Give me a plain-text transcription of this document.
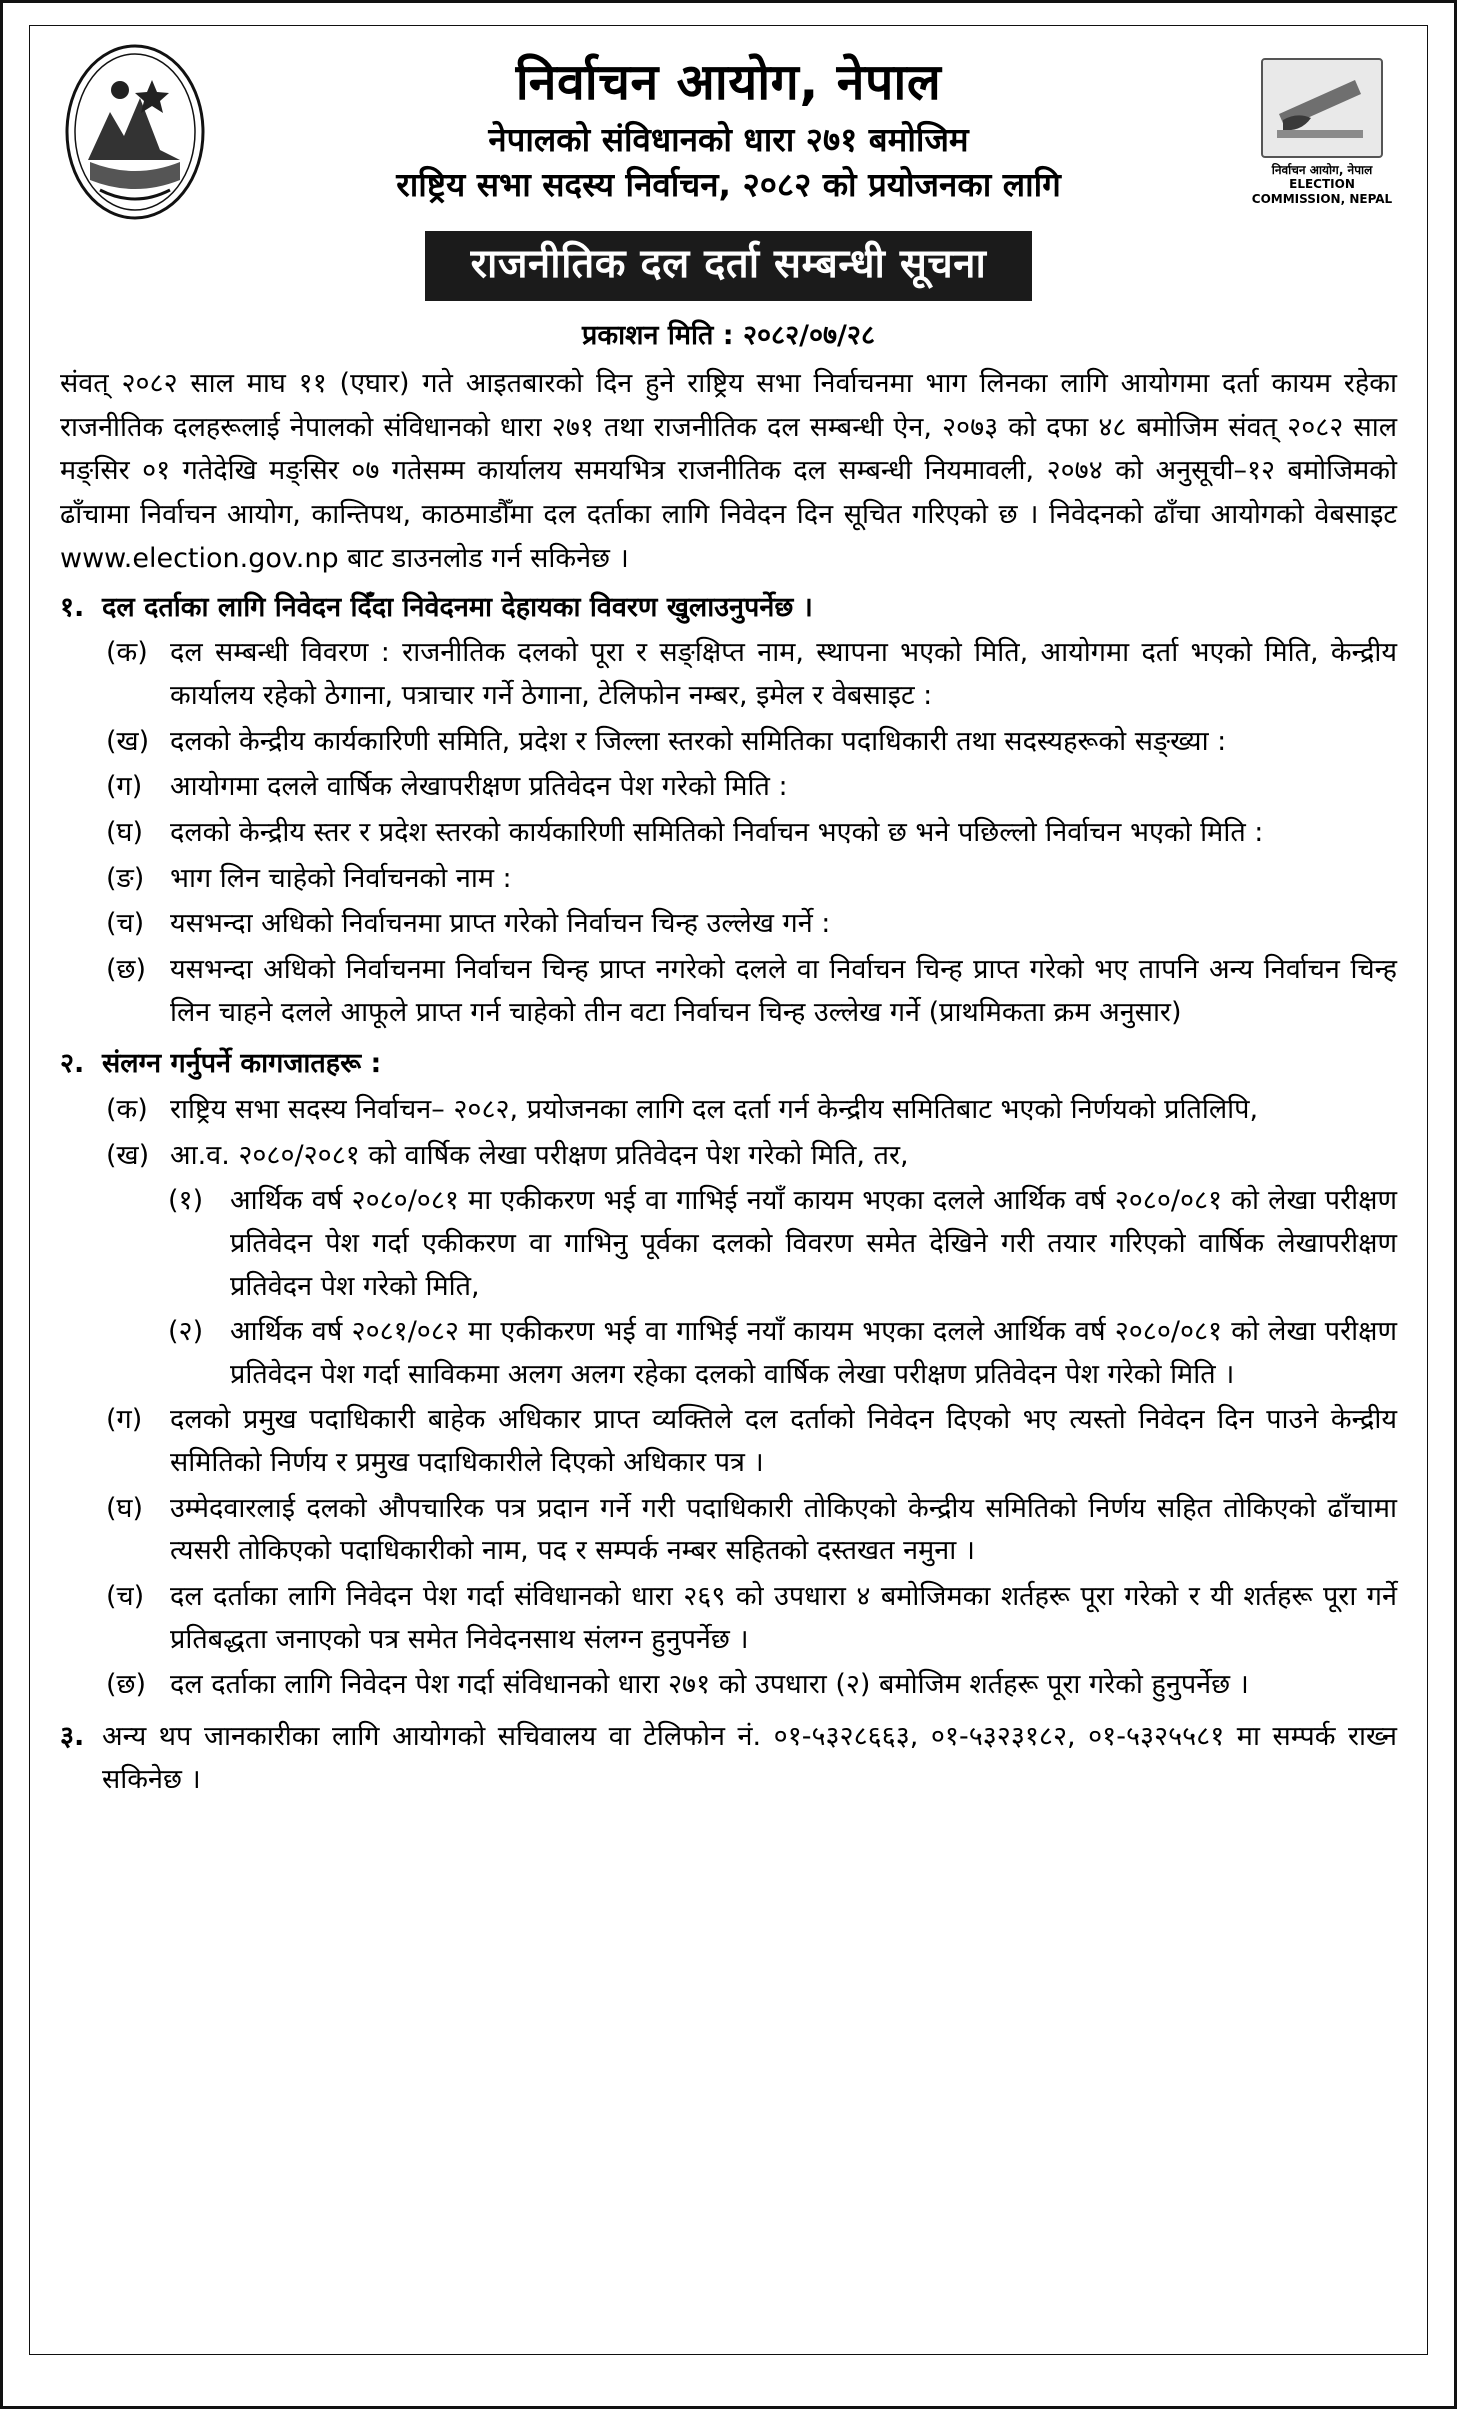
निर्वाचन आयोग, नेपाल
नेपालको संविधानको धारा २७१ बमोजिम
राष्ट्रिय सभा सदस्य निर्वाचन, २०८२ को प्रयोजनका लागि	निर्वाचन आयोग, नेपाल
ELECTION COMMISSION, NEPAL
राजनीतिक दल दर्ता सम्बन्धी सूचना
प्रकाशन मिति : २०८२/०७/२८
संवत् २०८२ साल माघ ११ (एघार) गते आइतबारको दिन हुने राष्ट्रिय सभा निर्वाचनमा भाग लिनका लागि आयोगमा दर्ता कायम रहेका राजनीतिक दलहरूलाई नेपालको संविधानको धारा २७१ तथा राजनीतिक दल सम्बन्धी ऐन, २०७३ को दफा ४८ बमोजिम संवत् २०८२ साल मङ्सिर ०१ गतेदेखि मङ्सिर ०७ गतेसम्म कार्यालय समयभित्र राजनीतिक दल सम्बन्धी नियमावली, २०७४ को अनुसूची–१२ बमोजिमको ढाँचामा निर्वाचन आयोग, कान्तिपथ, काठमाडौँमा दल दर्ताका लागि निवेदन दिन सूचित गरिएको छ । निवेदनको ढाँचा आयोगको वेबसाइट www.election.gov.np बाट डाउनलोड गर्न सकिनेछ ।
१. दल दर्ताका लागि निवेदन दिँदा निवेदनमा देहायका विवरण खुलाउनुपर्नेछ ।
(क) दल सम्बन्धी विवरण : राजनीतिक दलको पूरा र सङ्क्षिप्त नाम, स्थापना भएको मिति, आयोगमा दर्ता भएको मिति, केन्द्रीय कार्यालय रहेको ठेगाना, पत्राचार गर्ने ठेगाना, टेलिफोन नम्बर, इमेल र वेबसाइट :
(ख) दलको केन्द्रीय कार्यकारिणी समिति, प्रदेश र जिल्ला स्तरको समितिका पदाधिकारी तथा सदस्यहरूको सङ्ख्या :
(ग)	आयोगमा दलले वार्षिक लेखापरीक्षण प्रतिवेदन पेश गरेको मिति :
(घ) दलको केन्द्रीय स्तर र प्रदेश स्तरको कार्यकारिणी समितिको निर्वाचन भएको छ भने पछिल्लो निर्वाचन भएको मिति :
(ङ) भाग लिन चाहेको निर्वाचनको नाम :
(च) यसभन्दा अधिको निर्वाचनमा प्राप्त गरेको निर्वाचन चिन्ह उल्लेख गर्ने :
(छ) यसभन्दा अधिको निर्वाचनमा निर्वाचन चिन्ह प्राप्त नगरेको दलले वा निर्वाचन चिन्ह प्राप्त गरेको भए तापनि अन्य निर्वाचन चिन्ह लिन चाहने दलले आफूले प्राप्त गर्न चाहेको तीन वटा निर्वाचन चिन्ह उल्लेख गर्ने (प्राथमिकता क्रम अनुसार)
२. संलग्न गर्नुपर्ने कागजातहरू :
(क) राष्ट्रिय सभा सदस्य निर्वाचन– २०८२, प्रयोजनका लागि दल दर्ता गर्न केन्द्रीय समितिबाट भएको निर्णयको प्रतिलिपि,
(ख) आ.व. २०८०/२०८१ को वार्षिक लेखा परीक्षण प्रतिवेदन पेश गरेको मिति, तर,
(१) आर्थिक वर्ष २०८०/०८१ मा एकीकरण भई वा गाभिई नयाँ कायम भएका दलले आर्थिक वर्ष २०८०/०८१ को लेखा परीक्षण प्रतिवेदन पेश गर्दा एकीकरण वा गाभिनु पूर्वका दलको विवरण समेत देखिने गरी तयार गरिएको वार्षिक लेखापरीक्षण प्रतिवेदन पेश गरेको मिति,
(२) आर्थिक वर्ष २०८१/०८२ मा एकीकरण भई वा गाभिई नयाँ कायम भएका दलले आर्थिक वर्ष २०८०/०८१ को लेखा परीक्षण प्रतिवेदन पेश गर्दा साविकमा अलग अलग रहेका दलको वार्षिक लेखा परीक्षण प्रतिवेदन पेश गरेको मिति ।
(ग)	दलको प्रमुख पदाधिकारी बाहेक अधिकार प्राप्त व्यक्तिले दल दर्ताको निवेदन दिएको भए त्यस्तो निवेदन दिन पाउने केन्द्रीय समितिको निर्णय र प्रमुख पदाधिकारीले दिएको अधिकार पत्र ।
(घ) उम्मेदवारलाई दलको औपचारिक पत्र प्रदान गर्ने गरी पदाधिकारी तोकिएको केन्द्रीय समितिको निर्णय सहित तोकिएको ढाँचामा त्यसरी तोकिएको पदाधिकारीको नाम, पद र सम्पर्क नम्बर सहितको दस्तखत नमुना ।
(च) दल दर्ताका लागि निवेदन पेश गर्दा संविधानको धारा २६९ को उपधारा ४ बमोजिमका शर्तहरू पूरा गरेको र यी शर्तहरू पूरा गर्ने प्रतिबद्धता जनाएको पत्र समेत निवेदनसाथ संलग्न हुनुपर्नेछ ।
(छ) दल दर्ताका लागि निवेदन पेश गर्दा संविधानको धारा २७१ को उपधारा (२) बमोजिम शर्तहरू पूरा गरेको हुनुपर्नेछ ।
३. अन्य थप जानकारीका लागि आयोगको सचिवालय वा टेलिफोन नं. ०१-५३२८६६३, ०१-५३२३१८२, ०१-५३२५५८१ मा सम्पर्क राख्न सकिनेछ ।
